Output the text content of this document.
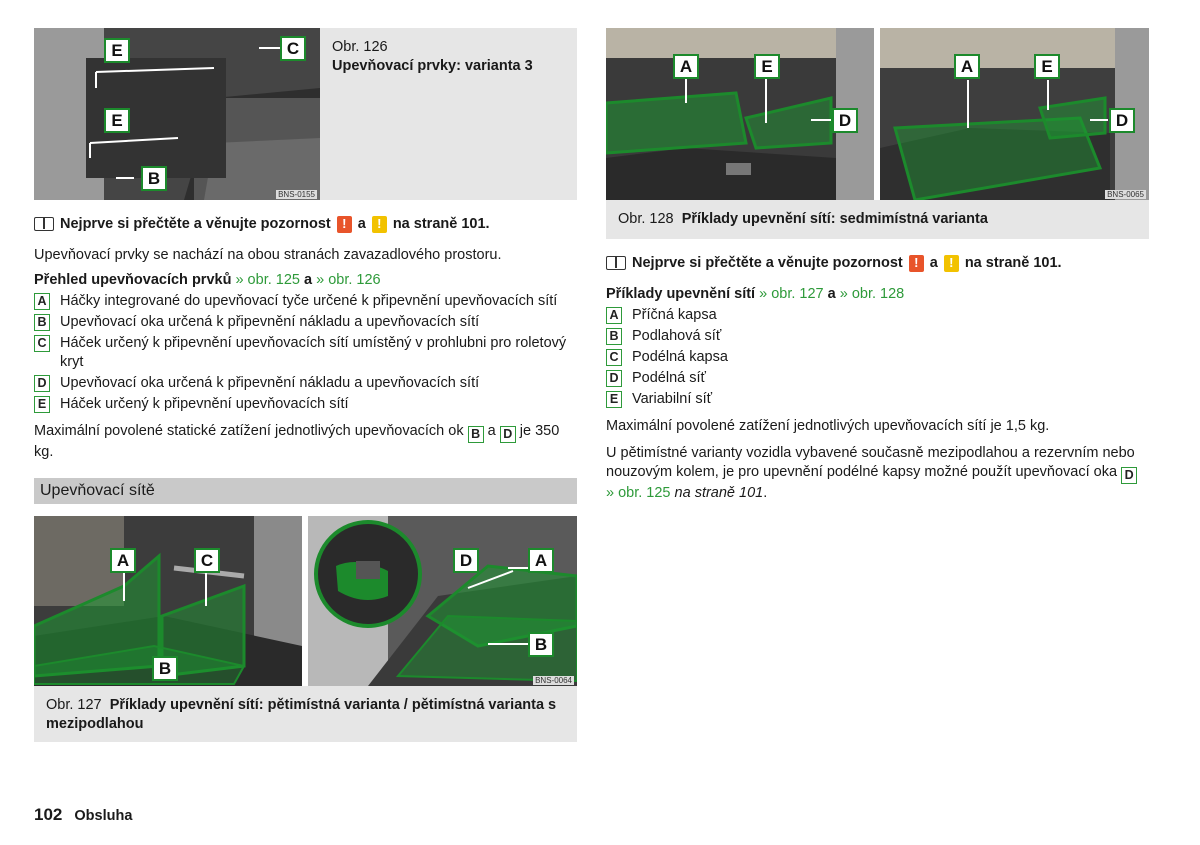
E	C
E
B
BNS-0155
Obr. 126
Upevňovací prvky: varianta 3
Nejprve si přečtěte a věnujte pozornost ! a ! na straně 101.

Upevňovací prvky se nachází na obou stranách zavazadlového prostoru.

Přehled upevňovacích prvků » obr. 125 a » obr. 126

A Háčky integrované do upevňovací tyče určené k připevnění upevňovacích sítí
B Upevňovací oka určená k připevnění nákladu a upevňovacích sítí
C Háček určený k připevnění upevňovacích sítí umístěný v prohlubni pro rolеtový kryt
D Upevňovací oka určená k připevnění nákladu a upevňovacích sítí
E Háček určený k připevnění upevňovacích sítí

Maximální povolené statické zatížení jednotlivých upevňovacích ok B a D je 350 kg.

Upevňovací sítě
A	C
B
D	A
B
BNS-0064
Obr. 127 Příklady upevnění sítí: pětimístná varianta / pětimístná varianta s mezipodlahou
A	E
D
A	E
D
BNS-0065
Obr. 128 Příklady upevnění sítí: sedmimístná varianta
Nejprve si přečtěte a věnujte pozornost ! a ! na straně 101.

Příklady upevnění sítí » obr. 127 a » obr. 128

A Příčná kapsa
B Podlahová síť
C Podélná kapsa
D Podélná síť
E Variabilní síť

Maximální povolené zatížení jednotlivých upevňovacích sítí je 1,5 kg.

U pětimístné varianty vozidla vybavené současně mezipodlahou a rezervním nebo nouzovým kolem, je pro upevnění podélné kapsy možné použít upevňovací oka D » obr. 125 na straně 101.

102 Obsluha
